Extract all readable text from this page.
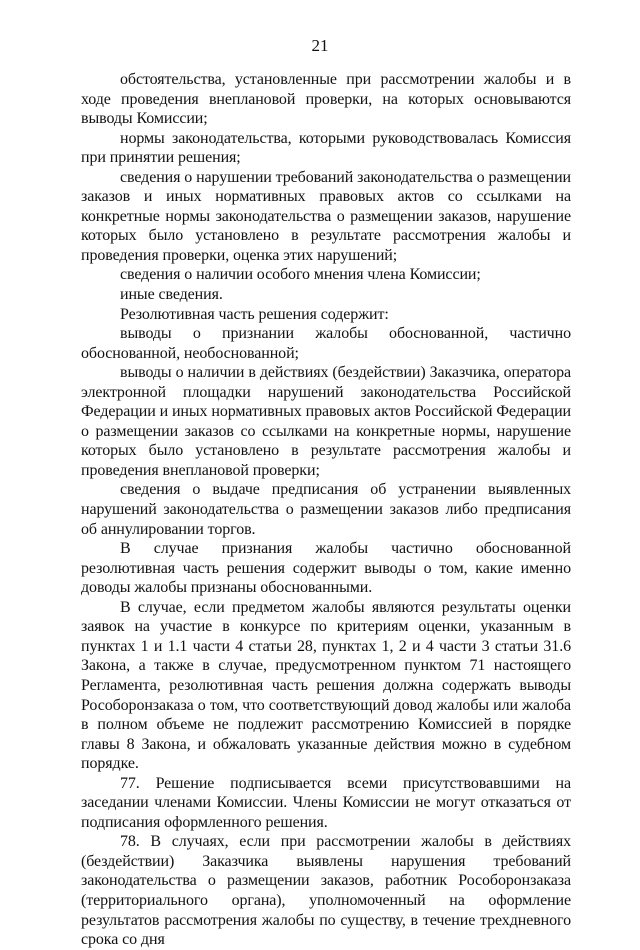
21

обстоятельства, установленные при рассмотрении жалобы и в ходе проведения внеплановой проверки, на которых основываются выводы Комиссии;

нормы законодательства, которыми руководствовалась Комиссия при принятии решения;

сведения о нарушении требований законодательства о размещении заказов и иных нормативных правовых актов со ссылками на конкретные нормы законодательства о размещении заказов, нарушение которых было установлено в результате рассмотрения жалобы и проведения проверки, оценка этих нарушений;

сведения о наличии особого мнения члена Комиссии;

иные сведения.

Резолютивная часть решения содержит:

выводы о признании жалобы обоснованной, частично обоснованной, необоснованной;

выводы о наличии в действиях (бездействии) Заказчика, оператора электронной площадки нарушений законодательства Российской Федерации и иных нормативных правовых актов Российской Федерации о размещении заказов со ссылками на конкретные нормы, нарушение которых было установлено в результате рассмотрения жалобы и проведения внеплановой проверки;

сведения о выдаче предписания об устранении выявленных нарушений законодательства о размещении заказов либо предписания об аннулировании торгов.

В случае признания жалобы частично обоснованной резолютивная часть решения содержит выводы о том, какие именно доводы жалобы признаны обоснованными.

В случае, если предметом жалобы являются результаты оценки заявок на участие в конкурсе по критериям оценки, указанным в пунктах 1 и 1.1 части 4 статьи 28, пунктах 1, 2 и 4 части 3 статьи 31.6 Закона, а также в случае, предусмотренном пунктом 71 настоящего Регламента, резолютивная часть решения должна содержать выводы Рособоронзаказа о том, что соответствующий довод жалобы или жалоба в полном объеме не подлежит рассмотрению Комиссией в порядке главы 8 Закона, и обжаловать указанные действия можно в судебном порядке.

77. Решение подписывается всеми присутствовавшими на заседании членами Комиссии. Члены Комиссии не могут отказаться от подписания оформленного решения.

78. В случаях, если при рассмотрении жалобы в действиях (бездействии) Заказчика выявлены нарушения требований законодательства о размещении заказов, работник Рособоронзаказа (территориального органа), уполномоченный на оформление результатов рассмотрения жалобы по существу, в течение трехдневного срока со дня
